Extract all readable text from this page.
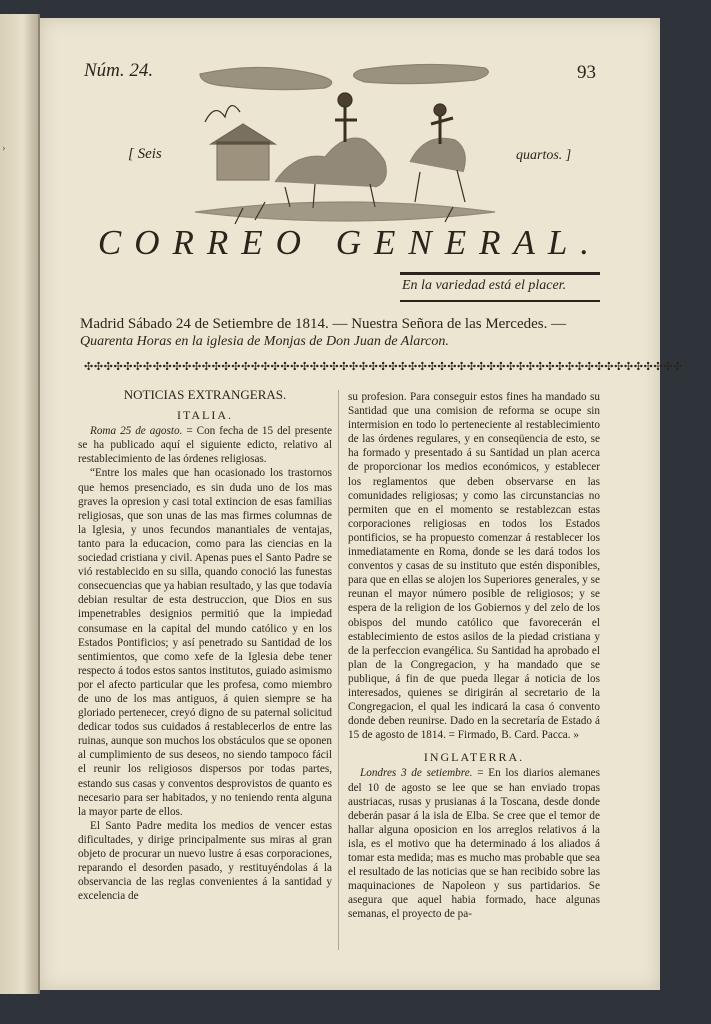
›
Núm. 24.	93
[ Seis	quartos. ]
CORREO GENERAL.
En la variedad está el placer.
Madrid Sábado 24 de Setiembre de 1814. — Nuestra Señora de las Mercedes. —
Quarenta Horas en la iglesia de Monjas de Don Juan de Alarcon.
✣✣✣✣✣✣✣✣✣✣✣✣✣✣✣✣✣✣✣✣✣✣✣✣✣✣✣✣✣✣✣✣✣✣✣✣✣✣✣✣✣✣✣✣✣✣✣✣✣✣✣✣✣✣✣✣✣✣✣✣✣
NOTICIAS EXTRANGERAS.
ITALIA.

Roma 25 de agosto. = Con fecha de 15 del presente se ha publicado aquí el siguiente edicto, relativo al restablecimiento de las órdenes religiosas.

“Entre los males que han ocasionado los trastornos que hemos presenciado, es sin duda uno de los mas graves la opresion y casi total extincion de esas familias religiosas, que son unas de las mas firmes columnas de la Iglesia, y unos fecundos manantiales de ventajas, tanto para la educacion, como para las ciencias en la sociedad cristiana y civil. Apenas pues el Santo Padre se vió restablecido en su silla, quando conoció las funestas consecuencias que ya habian resultado, y las que todavía debian resultar de esta destruccion, que Dios en sus impenetrables designios permitió que la impiedad consumase en la capital del mundo católico y en los Estados Pontificios; y así penetrado su Santidad de los sentimientos, que como xefe de la Iglesia debe tener respecto á todos estos santos institutos, guiado asimismo por el afecto particular que les profesa, como miembro de uno de los mas antiguos, á quien siempre se ha gloriado pertenecer, creyó digno de su paternal solicitud dedicar todos sus cuidados á restablecerlos de entre las ruinas, aunque son muchos los obstáculos que se oponen al cumplimiento de sus deseos, no siendo tampoco fácil el reunir los religiosos dispersos por todas partes, estando sus casas y conventos desprovistos de quanto es necesario para ser habitados, y no teniendo renta alguna la mayor parte de ellos.

El Santo Padre medita los medios de vencer estas dificultades, y dirige principalmente sus miras al gran objeto de procurar un nuevo lustre á esas corporaciones, reparando el desorden pasado, y restituyéndolas á la observancia de las reglas convenientes á la santidad y excelencia de

su profesion. Para conseguir estos fines ha mandado su Santidad que una comision de reforma se ocupe sin intermision en todo lo perteneciente al restablecimiento de las órdenes regulares, y en conseqüencia de esto, se ha formado y presentado á su Santidad un plan acerca de proporcionar los medios económicos, y establecer los reglamentos que deben observarse en las comunidades religiosas; y como las circunstancias no permiten que en el momento se restablezcan estas corporaciones religiosas en todos los Estados pontificios, se ha propuesto comenzar á restablecer los inmediatamente en Roma, donde se les dará todos los conventos y casas de su instituto que estén disponibles, para que en ellas se alojen los Superiores generales, y se reunan el mayor número posible de religiosos; y se espera de la religion de los Gobiernos y del zelo de los obispos del mundo católico que favorecerán el establecimiento de estos asilos de la piedad cristiana y de la perfeccion evangélica. Su Santidad ha aprobado el plan de la Congregacion, y ha mandado que se publique, á fin de que pueda llegar á noticia de los interesados, quienes se dirigirán al secretario de la Congregacion, el qual les indicará la casa ó convento donde deben reunirse. Dado en la secretaría de Estado á 15 de agosto de 1814. = Firmado, B. Card. Pacca. »

INGLATERRA.

Londres 3 de setiembre. = En los diarios alemanes del 10 de agosto se lee que se han enviado tropas austriacas, rusas y prusianas á la Toscana, desde donde deberán pasar á la isla de Elba. Se cree que el temor de hallar alguna oposicion en los arreglos relativos á la isla, es el motivo que ha determinado á los aliados á tomar esta medida; mas es mucho mas probable que sea el resultado de las noticias que se han recibido sobre las maquinaciones de Napoleon y sus partidarios. Se asegura que aquel habia formado, hace algunas semanas, el proyecto de pa-
